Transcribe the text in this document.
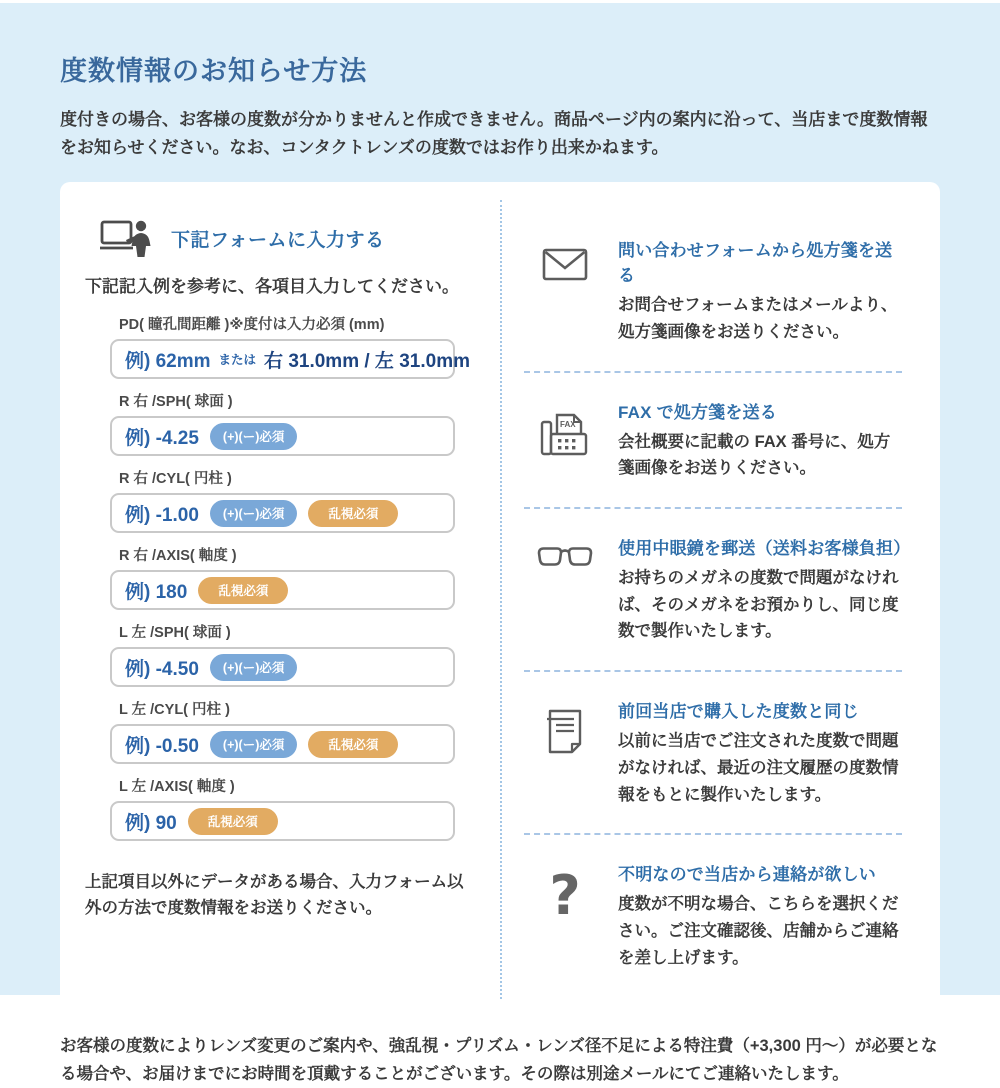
度数情報のお知らせ方法

度付きの場合、お客様の度数が分かりませんと作成できません。商品ページ内の案内に沿って、当店まで度数情報をお知らせください。なお、コンタクトレンズの度数ではお作り出来かねます。

下記フォームに入力する

下記記入例を参考に、各項目入力してください。

PD( 瞳孔間距離 )※度付は入力必須 (mm)
例) 62mm または 右 31.0mm / 左 31.0mm
R 右 /SPH( 球面 )
例) -4.25	(+)(ー)必須
R 右 /CYL( 円柱 )
例) -1.00	(+)(ー)必須	乱視必須
R 右 /AXIS( 軸度 )
例) 180	乱視必須
L 左 /SPH( 球面 )
例) -4.50	(+)(ー)必須
L 左 /CYL( 円柱 )
例) -0.50	(+)(ー)必須	乱視必須
L 左 /AXIS( 軸度 )
例) 90	乱視必須

上記項目以外にデータがある場合、入力フォーム以外の方法で度数情報をお送りください。

問い合わせフォームから処方箋を送る
お問合せフォームまたはメールより、処方箋画像をお送りください。
FAX
FAX で処方箋を送る
会社概要に記載の FAX 番号に、処方箋画像をお送りください。
使用中眼鏡を郵送（送料お客様負担）
お持ちのメガネの度数で問題がなければ、そのメガネをお預かりし、同じ度数で製作いたします。
前回当店で購入した度数と同じ
以前に当店でご注文された度数で問題がなければ、最近の注文履歴の度数情報をもとに製作いたします。
? 不明なので当店から連絡が欲しい
度数が不明な場合、こちらを選択ください。ご注文確認後、店舗からご連絡を差し上げます。

お客様の度数によりレンズ変更のご案内や、強乱視・プリズム・レンズ径不足による特注費（+3,300 円～）が必要となる場合や、お届けまでにお時間を頂戴することがございます。その際は別途メールにてご連絡いたします。
